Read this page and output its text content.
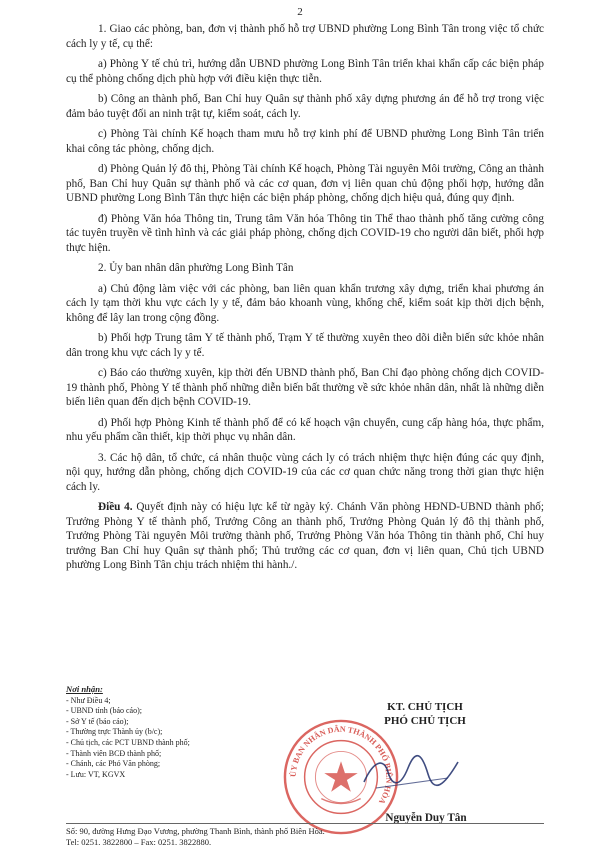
2

1. Giao các phòng, ban, đơn vị thành phố hỗ trợ UBND phường Long Bình Tân trong việc tổ chức cách ly y tế, cụ thể:

a) Phòng Y tế chủ trì, hướng dẫn UBND phường Long Bình Tân triển khai khẩn cấp các biện pháp cụ thể phòng chống dịch phù hợp với điều kiện thực tiễn.

b) Công an thành phố, Ban Chỉ huy Quân sự thành phố xây dựng phương án để hỗ trợ trong việc đảm bảo tuyệt đối an ninh trật tự, kiểm soát, cách ly.

c) Phòng Tài chính Kế hoạch tham mưu hỗ trợ kinh phí để UBND phường Long Bình Tân triển khai công tác phòng, chống dịch.

d) Phòng Quản lý đô thị, Phòng Tài chính Kế hoạch, Phòng Tài nguyên Môi trường, Công an thành phố, Ban Chỉ huy Quân sự thành phố và các cơ quan, đơn vị liên quan chủ động phối hợp, hướng dẫn UBND phường Long Bình Tân thực hiện các biện pháp phòng, chống dịch hiệu quả, đúng quy định.

đ) Phòng Văn hóa Thông tin, Trung tâm Văn hóa Thông tin Thể thao thành phố tăng cường công tác tuyên truyền về tình hình và các giải pháp phòng, chống dịch COVID-19 cho người dân biết, phối hợp thực hiện.

2. Ủy ban nhân dân phường Long Bình Tân

a) Chủ động làm việc với các phòng, ban liên quan khẩn trương xây dựng, triển khai phương án cách ly tạm thời khu vực cách ly y tế, đảm bảo khoanh vùng, khống chế, kiểm soát kịp thời dịch bệnh, không để lây lan trong cộng đồng.

b) Phối hợp Trung tâm Y tế thành phố, Trạm Y tế thường xuyên theo dõi diễn biến sức khỏe nhân dân trong khu vực cách ly y tế.

c) Báo cáo thường xuyên, kịp thời đến UBND thành phố, Ban Chỉ đạo phòng chống dịch COVID-19 thành phố, Phòng Y tế thành phố những diễn biến bất thường về sức khỏe nhân dân, nhất là những diễn biến liên quan đến dịch bệnh COVID-19.

d) Phối hợp Phòng Kinh tế thành phố để có kế hoạch vận chuyển, cung cấp hàng hóa, thực phẩm, nhu yếu phẩm cần thiết, kịp thời phục vụ nhân dân.

3. Các hộ dân, tổ chức, cá nhân thuộc vùng cách ly có trách nhiệm thực hiện đúng các quy định, nội quy, hướng dẫn phòng, chống dịch COVID-19 của các cơ quan chức năng trong thời gian thực hiện cách ly.

Điều 4. Quyết định này có hiệu lực kể từ ngày ký. Chánh Văn phòng HĐND-UBND thành phố; Trưởng Phòng Y tế thành phố, Trưởng Công an thành phố, Trưởng Phòng Quản lý đô thị thành phố, Trưởng Phòng Tài nguyên Môi trường thành phố, Trưởng Phòng Văn hóa Thông tin thành phố, Chỉ huy trưởng Ban Chỉ huy Quân sự thành phố; Thủ trưởng các cơ quan, đơn vị liên quan, Chủ tịch UBND phường Long Bình Tân chịu trách nhiệm thi hành./.

Nơi nhận:
- Như Điều 4;
- UBND tỉnh (báo cáo);
- Sở Y tế (báo cáo);
- Thường trực Thành ủy (b/c);
- Chủ tịch, các PCT UBND thành phố;
- Thành viên BCĐ thành phố;
- Chánh, các Phó Văn phòng;
- Lưu: VT, KGVX
KT. CHỦ TỊCH
PHÓ CHỦ TỊCH
ỦY BAN NHÂN DÂN THÀNH PHỐ BIÊN HÒA
Nguyễn Duy Tân
Số: 90, đường Hưng Đạo Vương, phường Thanh Bình, thành phố Biên Hòa.
Tel: 0251. 3822800 – Fax: 0251. 3822880.
